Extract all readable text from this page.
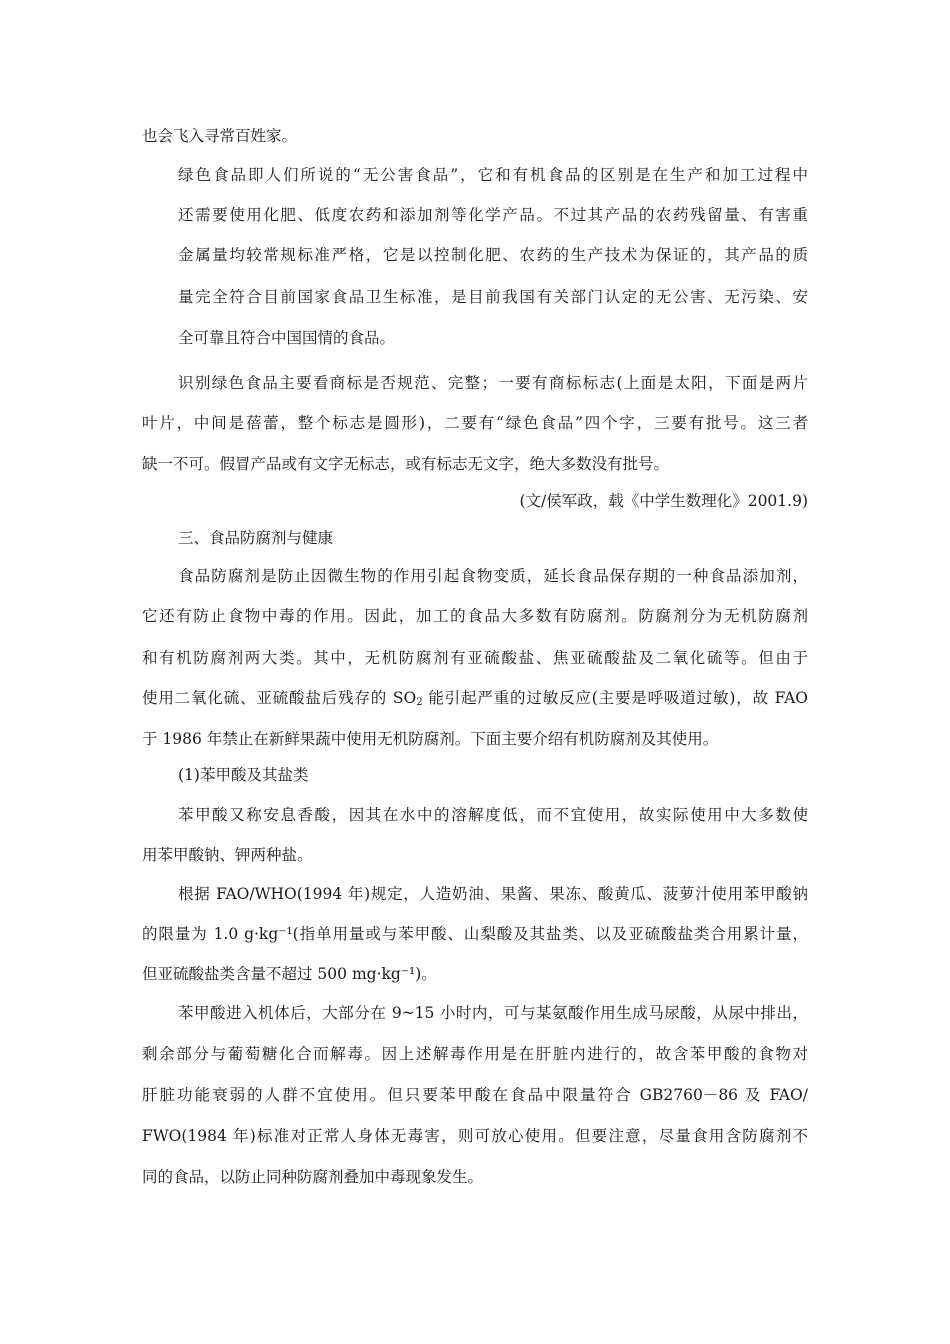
也会飞入寻常百姓家。
绿色食品即人们所说的“无公害食品”，它和有机食品的区别是在生产和加工过程中
还需要使用化肥、低度农药和添加剂等化学产品。不过其产品的农药残留量、有害重
金属量均较常规标准严格，它是以控制化肥、农药的生产技术为保证的，其产品的质
量完全符合目前国家食品卫生标准，是目前我国有关部门认定的无公害、无污染、安
全可靠且符合中国国情的食品。
识别绿色食品主要看商标是否规范、完整；一要有商标标志(上面是太阳，下面是两片
叶片，中间是蓓蕾，整个标志是圆形)，二要有“绿色食品”四个字，三要有批号。这三者
缺一不可。假冒产品或有文字无标志，或有标志无文字，绝大多数没有批号。
(文/侯军政，载《中学生数理化》2001.9)
三、食品防腐剂与健康
食品防腐剂是防止因微生物的作用引起食物变质，延长食品保存期的一种食品添加剂，
它还有防止食物中毒的作用。因此，加工的食品大多数有防腐剂。防腐剂分为无机防腐剂
和有机防腐剂两大类。其中，无机防腐剂有亚硫酸盐、焦亚硫酸盐及二氧化硫等。但由于
使用二氧化硫、亚硫酸盐后残存的 $SO_2$ 能引起严重的过敏反应(主要是呼吸道过敏)，故 FAO
于 1986 年禁止在新鲜果蔬中使用无机防腐剂。下面主要介绍有机防腐剂及其使用。
(1)苯甲酸及其盐类
苯甲酸又称安息香酸，因其在水中的溶解度低，而不宜使用，故实际使用中大多数使
用苯甲酸钠、钾两种盐。
根据 FAO/WHO(1994 年)规定，人造奶油、果酱、果冻、酸黄瓜、菠萝汁使用苯甲酸钠
的限量为 1.0 g·kg⁻¹(指单用量或与苯甲酸、山梨酸及其盐类、以及亚硫酸盐类合用累计量，
但亚硫酸盐类含量不超过 500 mg·kg⁻¹)。
苯甲酸进入机体后，大部分在 9~15 小时内，可与某氨酸作用生成马尿酸，从尿中排出，
剩余部分与葡萄糖化合而解毒。因上述解毒作用是在肝脏内进行的，故含苯甲酸的食物对
肝脏功能衰弱的人群不宜使用。但只要苯甲酸在食品中限量符合 GB2760－86 及 FAO/
FWO(1984 年)标准对正常人身体无毒害，则可放心使用。但要注意，尽量食用含防腐剂不
同的食品，以防止同种防腐剂叠加中毒现象发生。
